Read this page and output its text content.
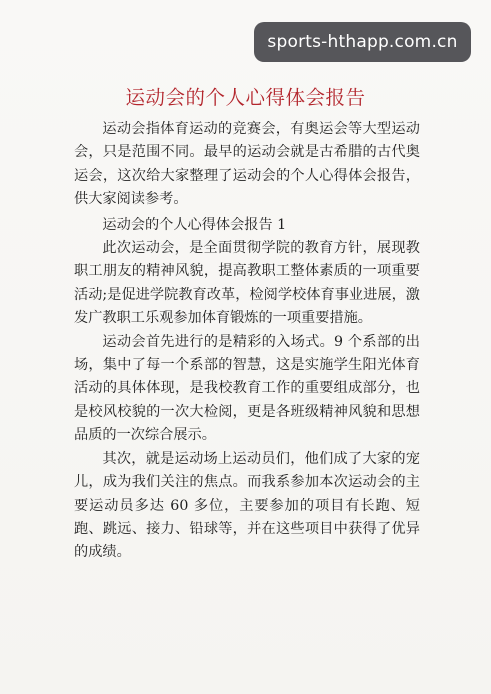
sports-hthapp.com.cn
运动会的个人心得体会报告

运动会指体育运动的竞赛会，有奥运会等大型运动会，只是范围不同。最早的运动会就是古希腊的古代奥运会，这次给大家整理了运动会的个人心得体会报告，供大家阅读参考。

运动会的个人心得体会报告 1

此次运动会，是全面贯彻学院的教育方针，展现教职工朋友的精神风貌，提高教职工整体素质的一项重要活动;是促进学院教育改革，检阅学校体育事业进展，激发广教职工乐观参加体育锻炼的一项重要措施。

运动会首先进行的是精彩的入场式。9 个系部的出场，集中了每一个系部的智慧，这是实施学生阳光体育活动的具体体现，是我校教育工作的重要组成部分，也是校风校貌的一次大检阅，更是各班级精神风貌和思想品质的一次综合展示。

其次，就是运动场上运动员们，他们成了大家的宠儿，成为我们关注的焦点。而我系参加本次运动会的主要运动员多达 60 多位，主要参加的项目有长跑、短跑、跳远、接力、铅球等，并在这些项目中获得了优异的成绩。
